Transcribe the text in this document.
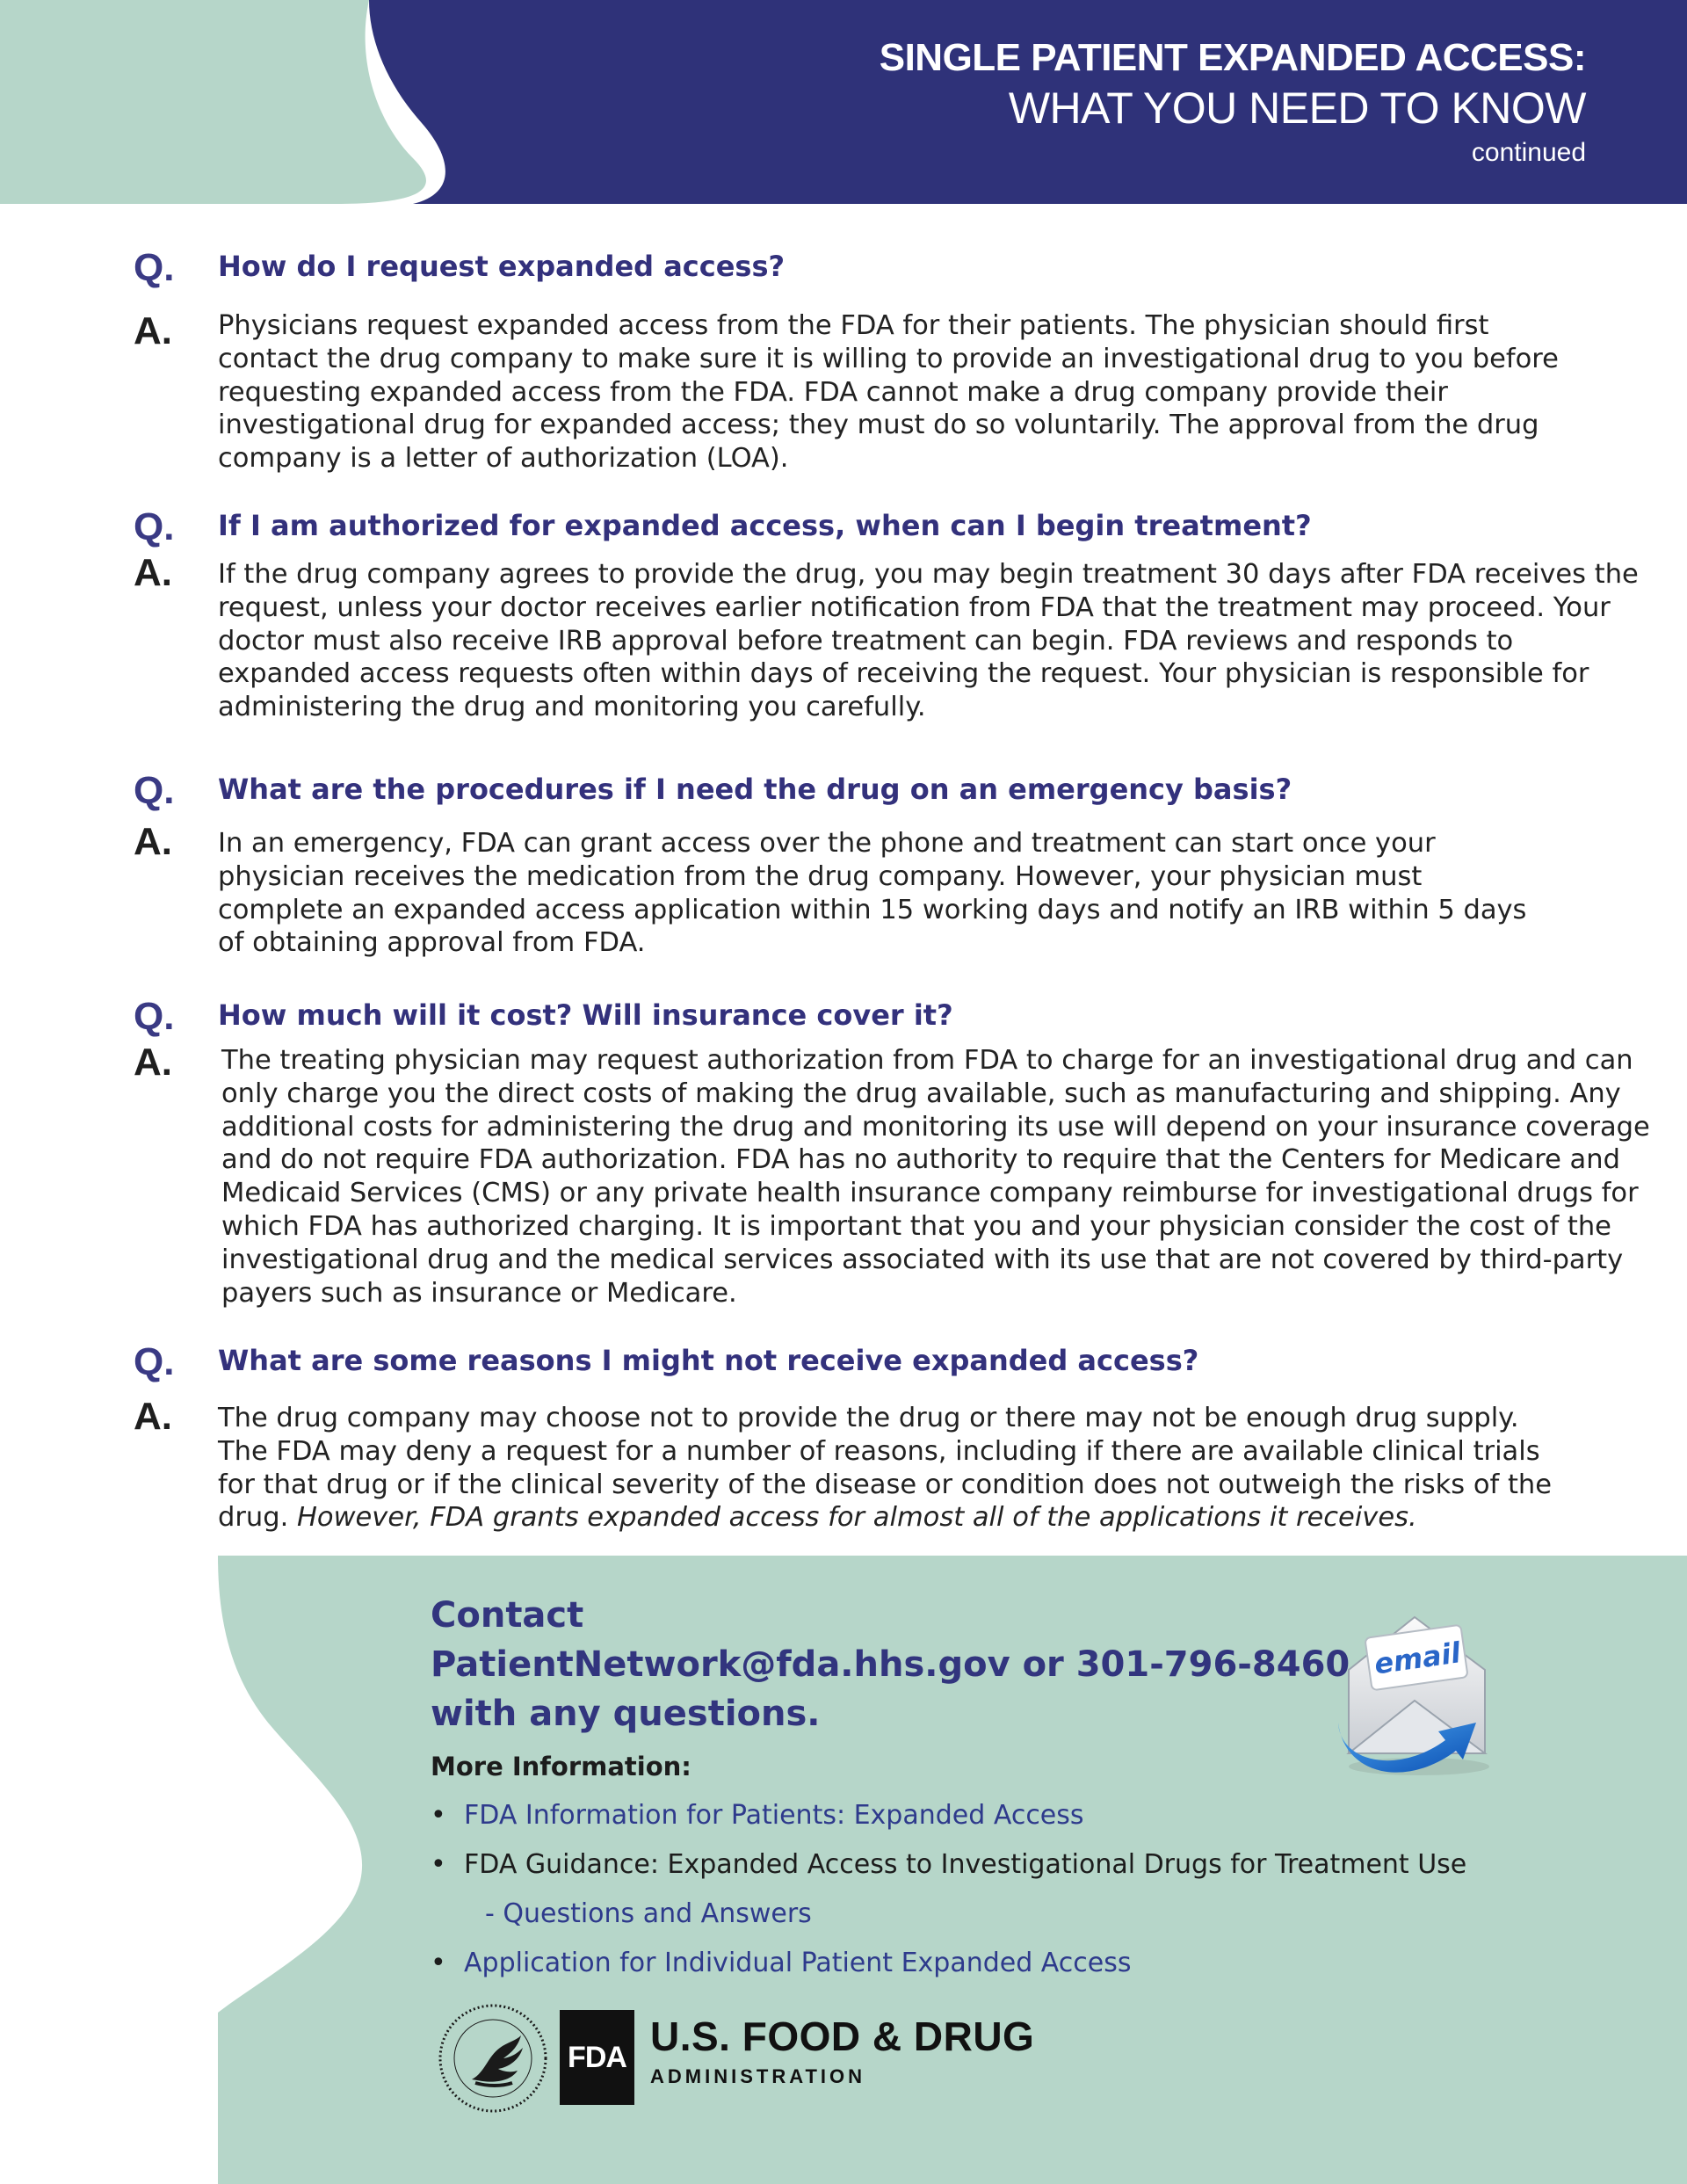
SINGLE PATIENT EXPANDED ACCESS:
WHAT YOU NEED TO KNOW
continued
Q. How do I request expanded access?
A. Physicians request expanded access from the FDA for their patients. The physician should first contact the drug company to make sure it is willing to provide an investigational drug to you before requesting expanded access from the FDA. FDA cannot make a drug company provide their investigational drug for expanded access; they must do so voluntarily. The approval from the drug company is a letter of authorization (LOA).
Q. If I am authorized for expanded access, when can I begin treatment?
A. If the drug company agrees to provide the drug, you may begin treatment 30 days after FDA receives the request, unless your doctor receives earlier notification from FDA that the treatment may proceed. Your doctor must also receive IRB approval before treatment can begin. FDA reviews and responds to expanded access requests often within days of receiving the request. Your physician is responsible for administering the drug and monitoring you carefully.
Q. What are the procedures if I need the drug on an emergency basis?
A. In an emergency, FDA can grant access over the phone and treatment can start once your physician receives the medication from the drug company. However, your physician must complete an expanded access application within 15 working days and notify an IRB within 5 days of obtaining approval from FDA.
Q. How much will it cost? Will insurance cover it?
A. The treating physician may request authorization from FDA to charge for an investigational drug and can only charge you the direct costs of making the drug available, such as manufacturing and shipping. Any additional costs for administering the drug and monitoring its use will depend on your insurance coverage and do not require FDA authorization. FDA has no authority to require that the Centers for Medicare and Medicaid Services (CMS) or any private health insurance company reimburse for investigational drugs for which FDA has authorized charging. It is important that you and your physician consider the cost of the investigational drug and the medical services associated with its use that are not covered by third-party payers such as insurance or Medicare.
Q. What are some reasons I might not receive expanded access?
A. The drug company may choose not to provide the drug or there may not be enough drug supply. The FDA may deny a request for a number of reasons, including if there are available clinical trials for that drug or if the clinical severity of the disease or condition does not outweigh the risks of the drug. However, FDA grants expanded access for almost all of the applications it receives.
Contact
PatientNetwork@fda.hhs.gov or 301-796-8460
with any questions.
email
More Information:
• FDA Information for Patients: Expanded Access
• FDA Guidance: Expanded Access to Investigational Drugs for Treatment Use
- Questions and Answers
• Application for Individual Patient Expanded Access
FDA U.S. FOOD & DRUG
ADMINISTRATION
